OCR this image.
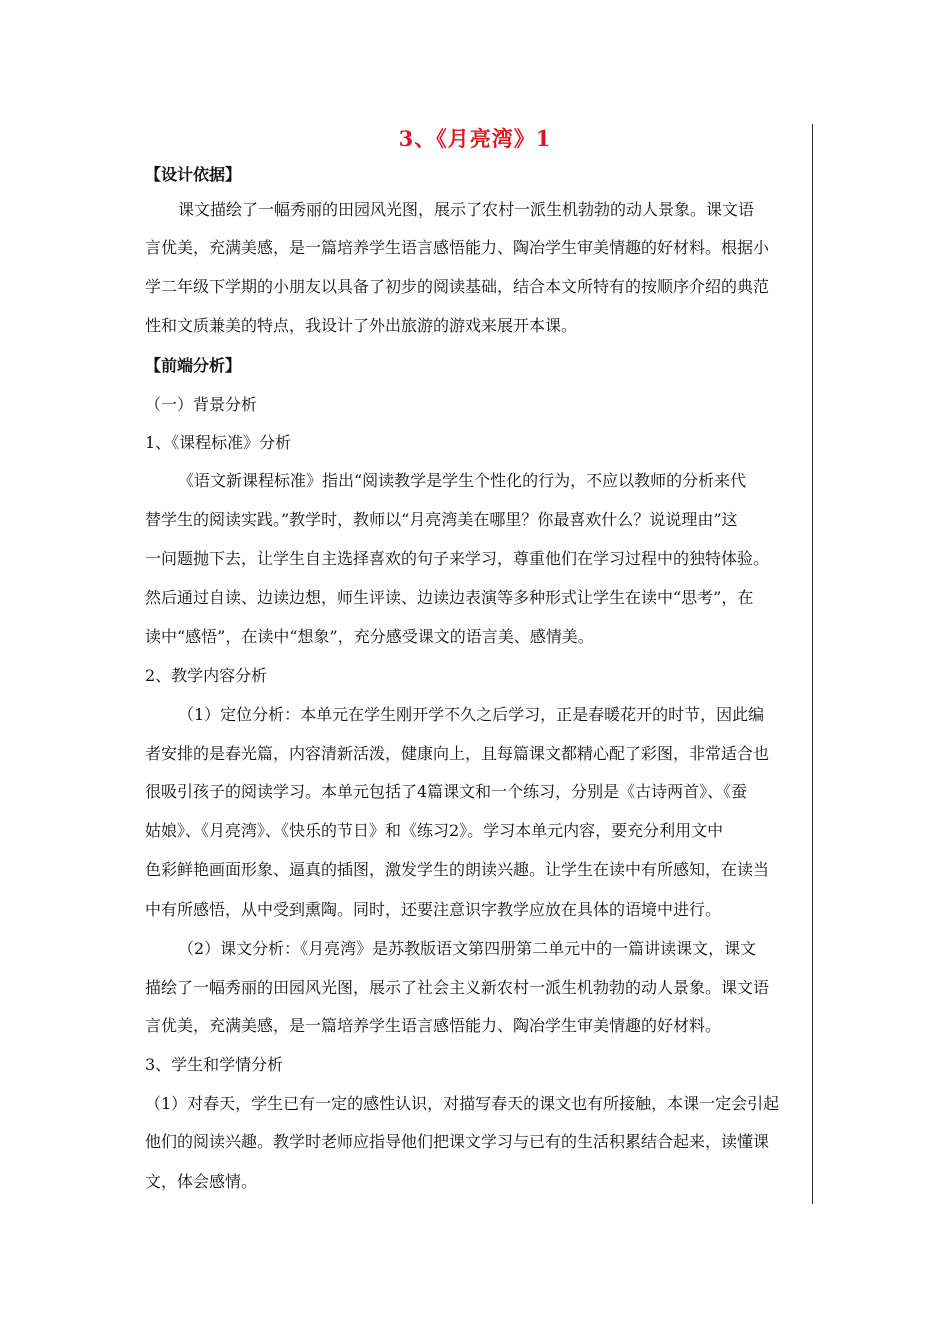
3、《月亮湾》1
【设计依据】
课文描绘了一幅秀丽的田园风光图，展示了农村一派生机勃勃的动人景象。课文语
言优美，充满美感，是一篇培养学生语言感悟能力、陶冶学生审美情趣的好材料。根据小
学二年级下学期的小朋友以具备了初步的阅读基础，结合本文所特有的按顺序介绍的典范
性和文质兼美的特点，我设计了外出旅游的游戏来展开本课。
【前端分析】
（一）背景分析
1、《课程标准》分析
《语文新课程标准》指出“阅读教学是学生个性化的行为，不应以教师的分析来代
替学生的阅读实践。”教学时，教师以“月亮湾美在哪里？你最喜欢什么？说说理由”这
一问题抛下去，让学生自主选择喜欢的句子来学习，尊重他们在学习过程中的独特体验。
然后通过自读、边读边想，师生评读、边读边表演等多种形式让学生在读中“思考”，在
读中“感悟”，在读中“想象”，充分感受课文的语言美、感情美。
2、教学内容分析
（1）定位分析：本单元在学生刚开学不久之后学习，正是春暖花开的时节，因此编
者安排的是春光篇，内容清新活泼，健康向上，且每篇课文都精心配了彩图，非常适合也
很吸引孩子的阅读学习。本单元包括了4篇课文和一个练习，分别是《古诗两首》、《蚕
姑娘》、《月亮湾》、《快乐的节日》和《练习2》。学习本单元内容，要充分利用文中
色彩鲜艳画面形象、逼真的插图，激发学生的朗读兴趣。让学生在读中有所感知，在读当
中有所感悟，从中受到熏陶。同时，还要注意识字教学应放在具体的语境中进行。
（2）课文分析：《月亮湾》是苏教版语文第四册第二单元中的一篇讲读课文，课文
描绘了一幅秀丽的田园风光图，展示了社会主义新农村一派生机勃勃的动人景象。课文语
言优美，充满美感，是一篇培养学生语言感悟能力、陶冶学生审美情趣的好材料。
3、学生和学情分析
（1）对春天，学生已有一定的感性认识，对描写春天的课文也有所接触，本课一定会引起
他们的阅读兴趣。教学时老师应指导他们把课文学习与已有的生活积累结合起来，读懂课
文，体会感情。
